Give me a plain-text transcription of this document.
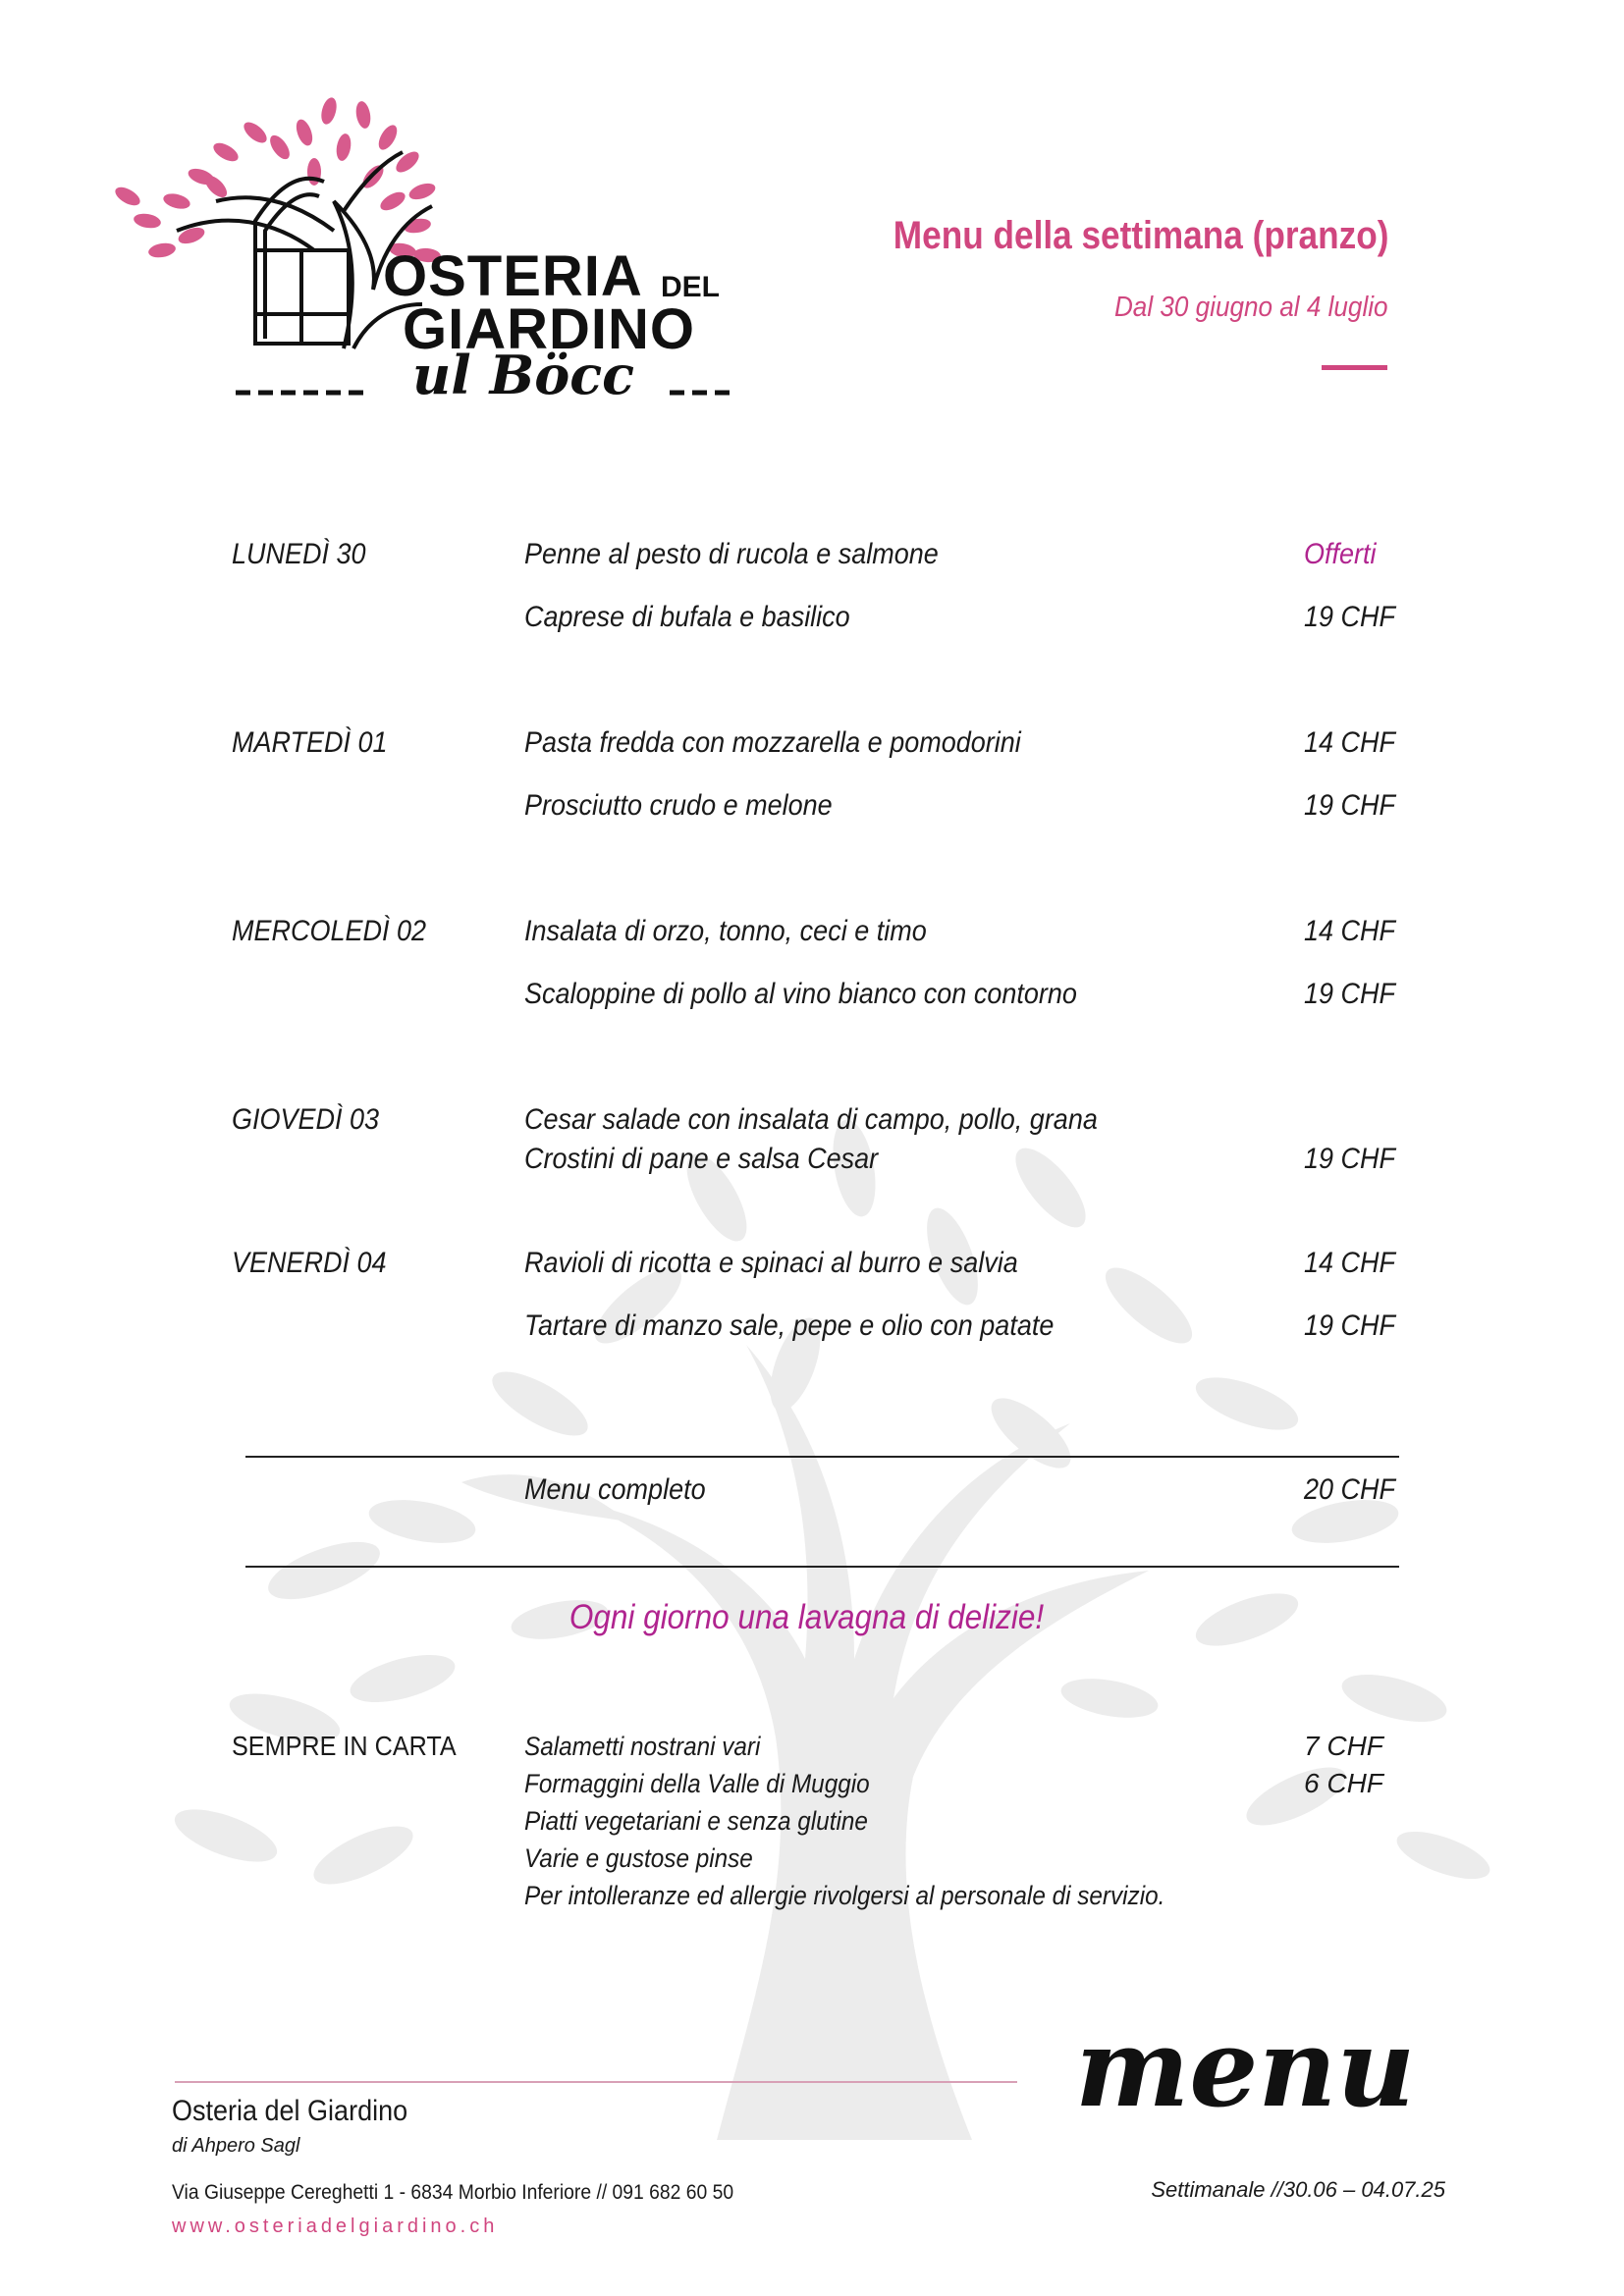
OSTERIA DEL
GIARDINO
ul Böcc
Menu della settimana (pranzo)
Dal 30 giugno al 4 luglio
LUNEDÌ 30	Penne al pesto di rucola e salmone	Offerti
Caprese di bufala e basilico	19 CHF
MARTEDÌ 01	Pasta fredda con mozzarella e pomodorini	14 CHF
Prosciutto crudo e melone	19 CHF
MERCOLEDÌ 02	Insalata di orzo, tonno, ceci e timo	14 CHF
Scaloppine di pollo al vino bianco con contorno	19 CHF
GIOVEDÌ 03	Cesar salade con insalata di campo, pollo, grana
Crostini di pane e salsa Cesar	19 CHF
VENERDÌ 04	Ravioli di ricotta e spinaci al burro e salvia	14 CHF
Tartare di manzo sale, pepe e olio con patate	19 CHF
Menu completo	20 CHF
Ogni giorno una lavagna di delizie!
SEMPRE IN CARTA	Salametti nostrani vari	7 CHF
Formaggini della Valle di Muggio	6 CHF
Piatti vegetariani e senza glutine
Varie e gustose pinse
Per intolleranze ed allergie rivolgersi al personale di servizio.
Osteria del Giardino
di Ahpero Sagl
Via Giuseppe Cereghetti 1 - 6834 Morbio Inferiore // 091 682 60 50
www.osteriadelgiardino.ch
menu
Settimanale //30.06 – 04.07.25
